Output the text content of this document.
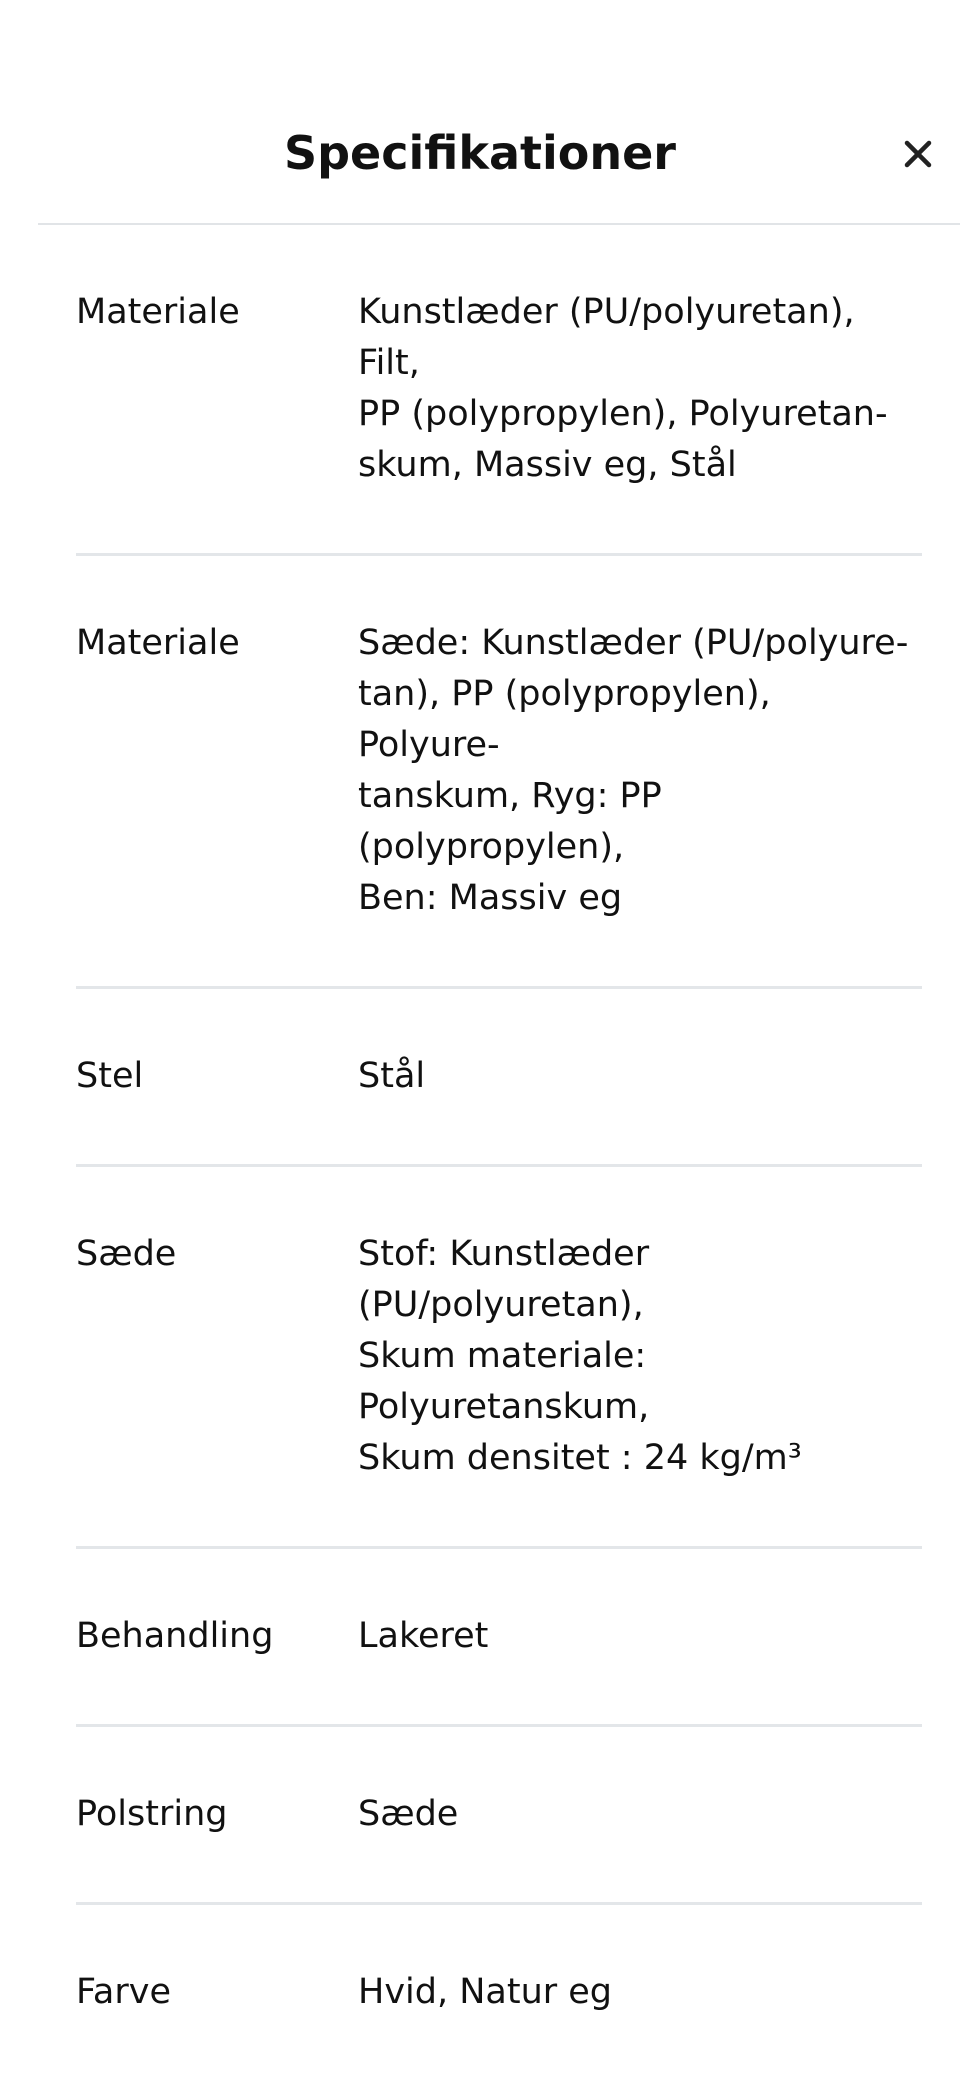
Specifikationer
Materiale	Kunstlæder (PU/polyuretan), Filt,
PP (polypropylen), Polyuretan-
skum, Massiv eg, Stål
Materiale	Sæde: Kunstlæder (PU/polyure-
tan), PP (polypropylen), Polyure-
tanskum, Ryg: PP (polypropylen),
Ben: Massiv eg
Stel	Stål
Sæde	Stof: Kunstlæder (PU/polyuretan),
Skum materiale: Polyuretanskum,
Skum densitet : 24 kg/m³
Behandling	Lakeret
Polstring	Sæde
Farve	Hvid, Natur eg
